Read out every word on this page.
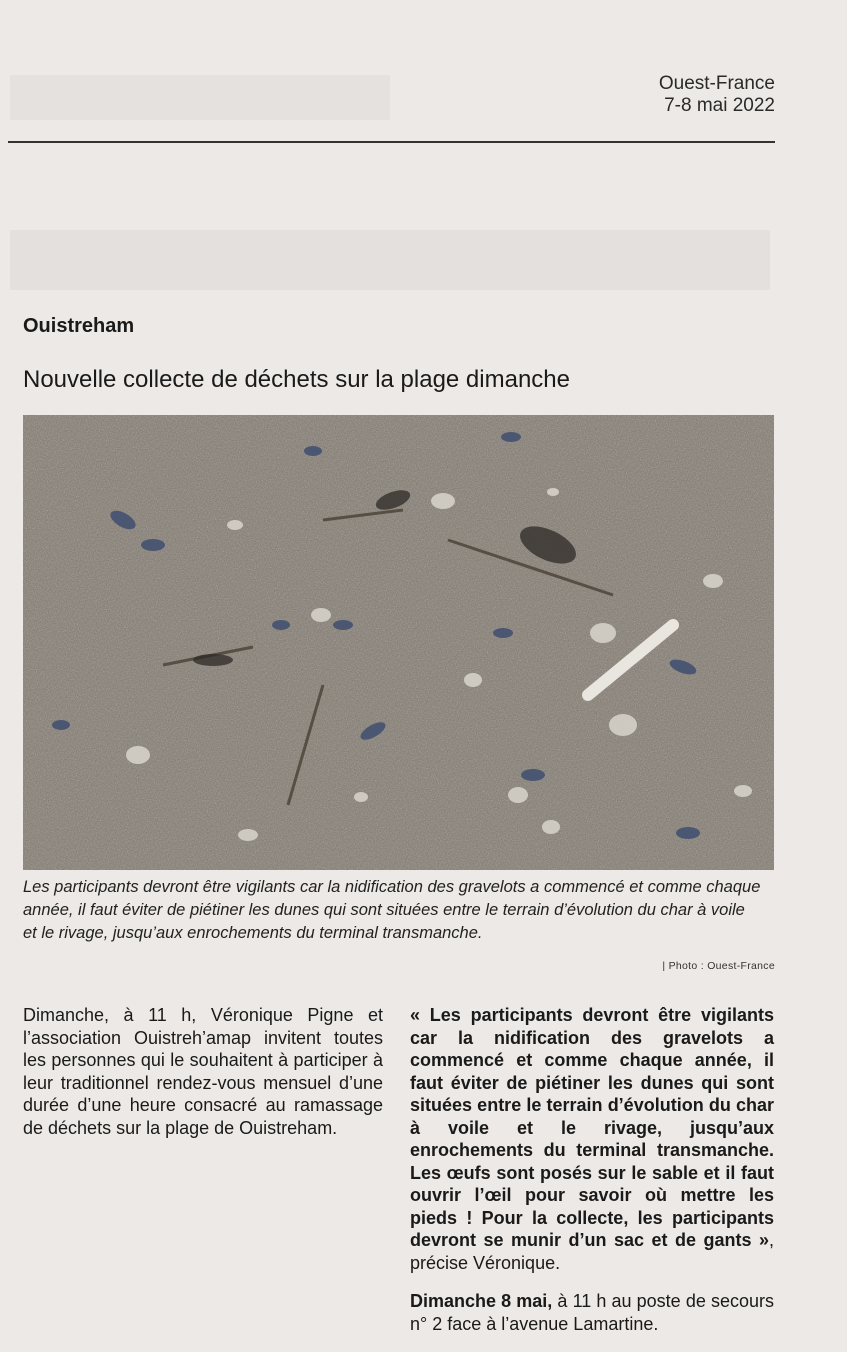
Ouest-France
7-8 mai 2022
Ouistreham
Nouvelle collecte de déchets sur la plage dimanche
Les participants devront être vigilants car la nidification des gravelots a commencé et comme chaque année, il faut éviter de piétiner les dunes qui sont situées entre le terrain d’évolution du char à voile et le rivage, jusqu’aux enrochements du terminal transmanche.
| Photo : Ouest-France

Dimanche, à 11 h, Véronique Pigne et l’association Ouistreh’amap invitent toutes les personnes qui le souhaitent à participer à leur traditionnel rendez-vous mensuel d’une durée d’une heure consacré au ramassage de déchets sur la plage de Ouistreham.

« Les participants devront être vigilants car la nidification des gravelots a commencé et comme chaque année, il faut éviter de piétiner les dunes qui sont situées entre le terrain d’évolution du char à voile et le rivage, jusqu’aux enrochements du terminal transmanche. Les œufs sont posés sur le sable et il faut ouvrir l’œil pour savoir où mettre les pieds ! Pour la collecte, les participants devront se munir d’un sac et de gants », précise Véronique.

Dimanche 8 mai, à 11 h au poste de secours n° 2 face à l’avenue Lamartine.
